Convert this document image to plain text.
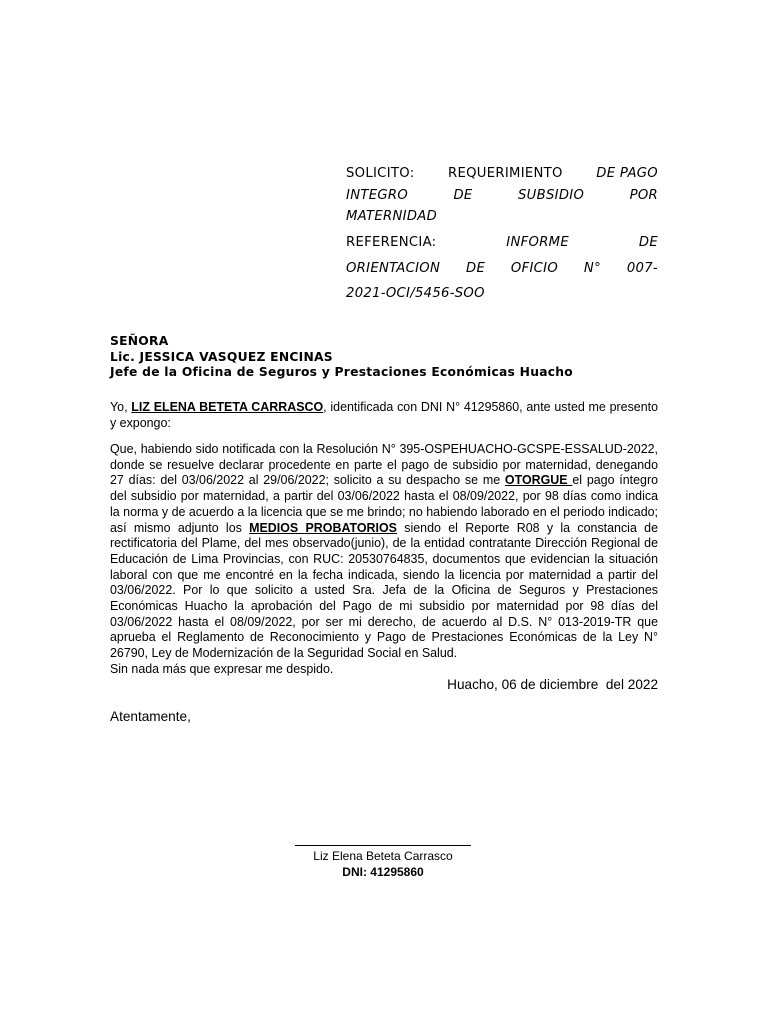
SOLICITO:	REQUERIMIENTO	DE PAGO
INTEGRO	DE	SUBSIDIO	POR
MATERNIDAD
REFERENCIA:	INFORME	DE
ORIENTACION DE OFICIO N° 007-
2021-OCI/5456-SOO
SEÑORA
Lic. JESSICA VASQUEZ ENCINAS
Jefe de la Oficina de Seguros y Prestaciones Económicas Huacho
Yo, LIZ ELENA BETETA CARRASCO, identificada con DNI N° 41295860, ante usted me presento y expongo:
Que, habiendo sido notificada con la Resolución N° 395-OSPEHUACHO-GCSPE-ESSALUD-2022, donde se resuelve declarar procedente en parte el pago de subsidio por maternidad, denegando 27 días: del 03/06/2022 al 29/06/2022; solicito a su despacho se me OTORGUE el pago íntegro del subsidio por maternidad, a partir del 03/06/2022 hasta el 08/09/2022, por 98 días como indica la norma y de acuerdo a la licencia que se me brindo; no habiendo laborado en el periodo indicado; así mismo adjunto los MEDIOS PROBATORIOS siendo el Reporte R08 y la constancia de rectificatoria del Plame, del mes observado(junio), de la entidad contratante Dirección Regional de Educación de Lima Provincias, con RUC: 20530764835, documentos que evidencian la situación laboral con que me encontré en la fecha indicada, siendo la licencia por maternidad a partir del 03/06/2022. Por lo que solicito a usted Sra. Jefa de la Oficina de Seguros y Prestaciones Económicas Huacho la aprobación del Pago de mi subsidio por maternidad por 98 días del 03/06/2022 hasta el 08/09/2022, por ser mi derecho, de acuerdo al D.S. N° 013-2019-TR que aprueba el Reglamento de Reconocimiento y Pago de Prestaciones Económicas de la Ley N° 26790, Ley de Modernización de la Seguridad Social en Salud.
Sin nada más que expresar me despido.
Huacho, 06 de diciembre  del 2022
Atentamente,
Liz Elena Beteta Carrasco
DNI: 41295860
